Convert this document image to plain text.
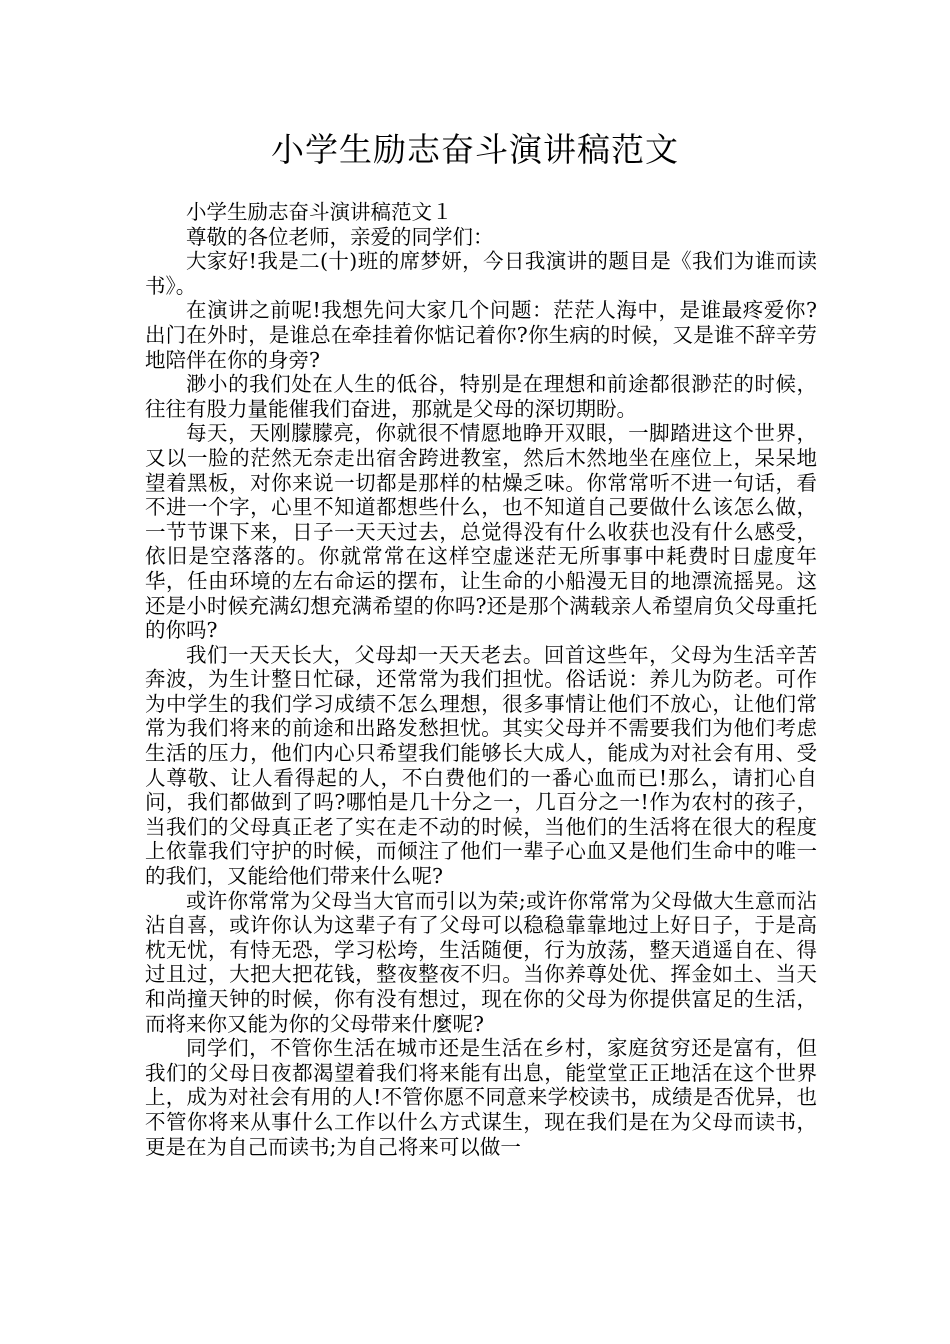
小学生励志奋斗演讲稿范文

小学生励志奋斗演讲稿范文１

尊敬的各位老师，亲爱的同学们：

大家好!我是二(十)班的席梦妍，今日我演讲的题目是《我们为谁而读书》。

在演讲之前呢!我想先问大家几个问题：茫茫人海中，是谁最疼爱你?出门在外时，是谁总在牵挂着你惦记着你?你生病的时候，又是谁不辞辛劳地陪伴在你的身旁?

渺小的我们处在人生的低谷，特别是在理想和前途都很渺茫的时候，往往有股力量能催我们奋进，那就是父母的深切期盼。

每天，天刚朦朦亮，你就很不情愿地睁开双眼，一脚踏进这个世界，又以一脸的茫然无奈走出宿舍跨进教室，然后木然地坐在座位上，呆呆地望着黑板，对你来说一切都是那样的枯燥乏味。你常常听不进一句话，看不进一个字，心里不知道都想些什么，也不知道自己要做什么该怎么做，一节节课下来，日子一天天过去，总觉得没有什么收获也没有什么感受，依旧是空落落的。你就常常在这样空虚迷茫无所事事中耗费时日虚度年华，任由环境的左右命运的摆布，让生命的小船漫无目的地漂流摇晃。这还是小时候充满幻想充满希望的你吗?还是那个满载亲人希望肩负父母重托的你吗?

我们一天天长大，父母却一天天老去。回首这些年，父母为生活辛苦奔波，为生计整日忙碌，还常常为我们担忧。俗话说：养儿为防老。可作为中学生的我们学习成绩不怎么理想，很多事情让他们不放心，让他们常常为我们将来的前途和出路发愁担忧。其实父母并不需要我们为他们考虑生活的压力，他们内心只希望我们能够长大成人，能成为对社会有用、受人尊敬、让人看得起的人，不白费他们的一番心血而已!那么，请扪心自问，我们都做到了吗?哪怕是几十分之一，几百分之一!作为农村的孩子，当我们的父母真正老了实在走不动的时候，当他们的生活将在很大的程度上依靠我们守护的时候，而倾注了他们一辈子心血又是他们生命中的唯一的我们，又能给他们带来什么呢?

或许你常常为父母当大官而引以为荣;或许你常常为父母做大生意而沾沾自喜，或许你认为这辈子有了父母可以稳稳靠靠地过上好日子，于是高枕无忧，有恃无恐，学习松垮，生活随便，行为放荡，整天逍遥自在、得过且过，大把大把花钱，整夜整夜不归。当你养尊处优、挥金如土、当天和尚撞天钟的时候，你有没有想过，现在你的父母为你提供富足的生活，而将来你又能为你的父母带来什麼呢?

同学们，不管你生活在城市还是生活在乡村，家庭贫穷还是富有，但我们的父母日夜都渴望着我们将来能有出息，能堂堂正正地活在这个世界上，成为对社会有用的人!不管你愿不同意来学校读书，成绩是否优异，也不管你将来从事什么工作以什么方式谋生，现在我们是在为父母而读书，更是在为自己而读书;为自己将来可以做一
